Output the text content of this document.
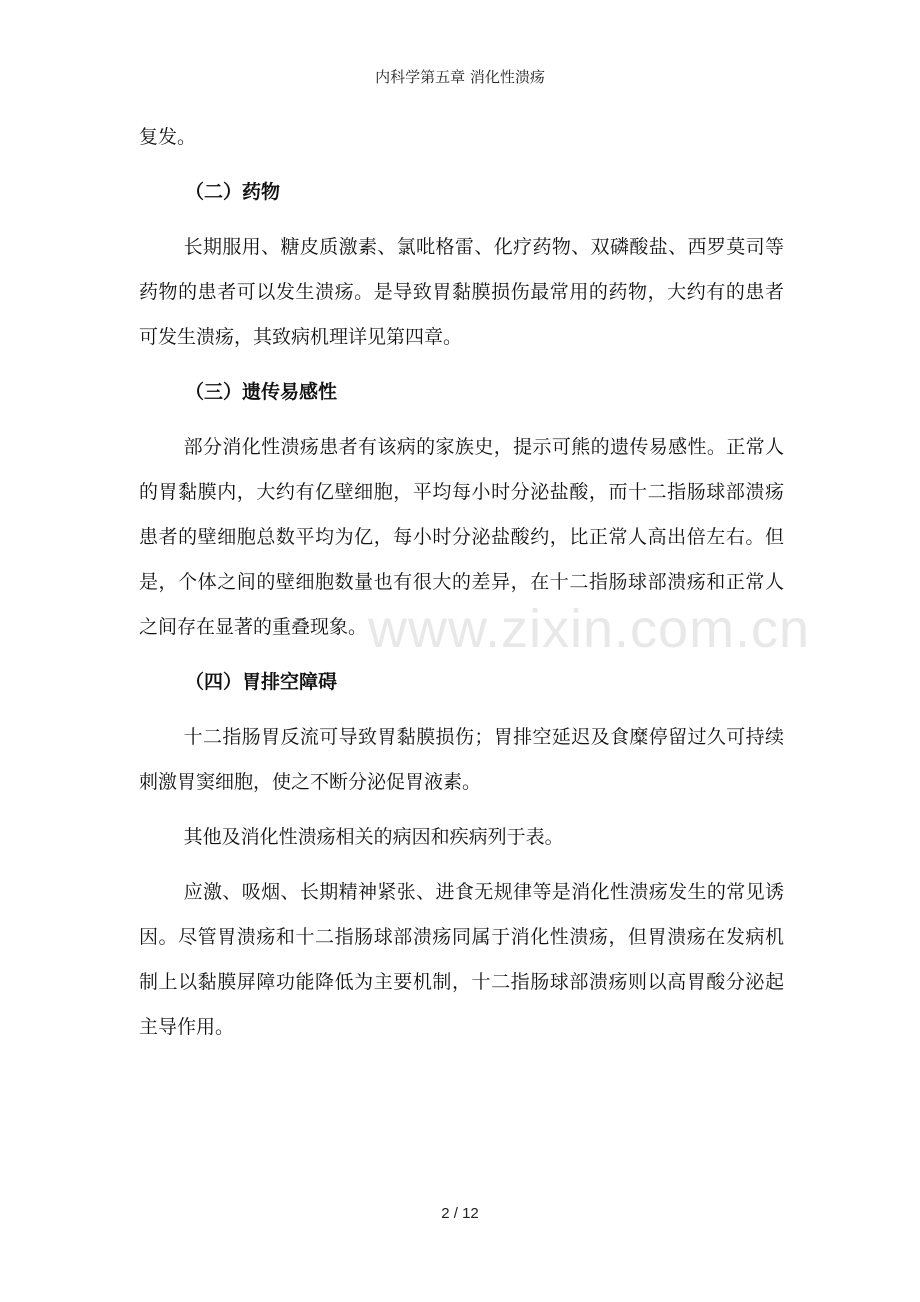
内科学第五章 消化性溃疡

复发。

（二）药物

长期服用、糖皮质激素、氯吡格雷、化疗药物、双磷酸盐、西罗莫司等药物的患者可以发生溃疡。是导致胃黏膜损伤最常用的药物，大约有的患者可发生溃疡，其致病机理详见第四章。

（三）遗传易感性

部分消化性溃疡患者有该病的家族史，提示可熊的遗传易感性。正常人的胃黏膜内，大约有亿壁细胞，平均每小时分泌盐酸，而十二指肠球部溃疡患者的壁细胞总数平均为亿，每小时分泌盐酸约，比正常人高出倍左右。但是，个体之间的壁细胞数量也有很大的差异，在十二指肠球部溃疡和正常人之间存在显著的重叠现象。

（四）胃排空障碍

十二指肠胃反流可导致胃黏膜损伤；胃排空延迟及食糜停留过久可持续刺激胃窦细胞，使之不断分泌促胃液素。

其他及消化性溃疡相关的病因和疾病列于表。

应激、吸烟、长期精神紧张、进食无规律等是消化性溃疡发生的常见诱因。尽管胃溃疡和十二指肠球部溃疡同属于消化性溃疡，但胃溃疡在发病机制上以黏膜屏障功能降低为主要机制，十二指肠球部溃疡则以高胃酸分泌起主导作用。

www.zixin.com.cn
2 / 12
